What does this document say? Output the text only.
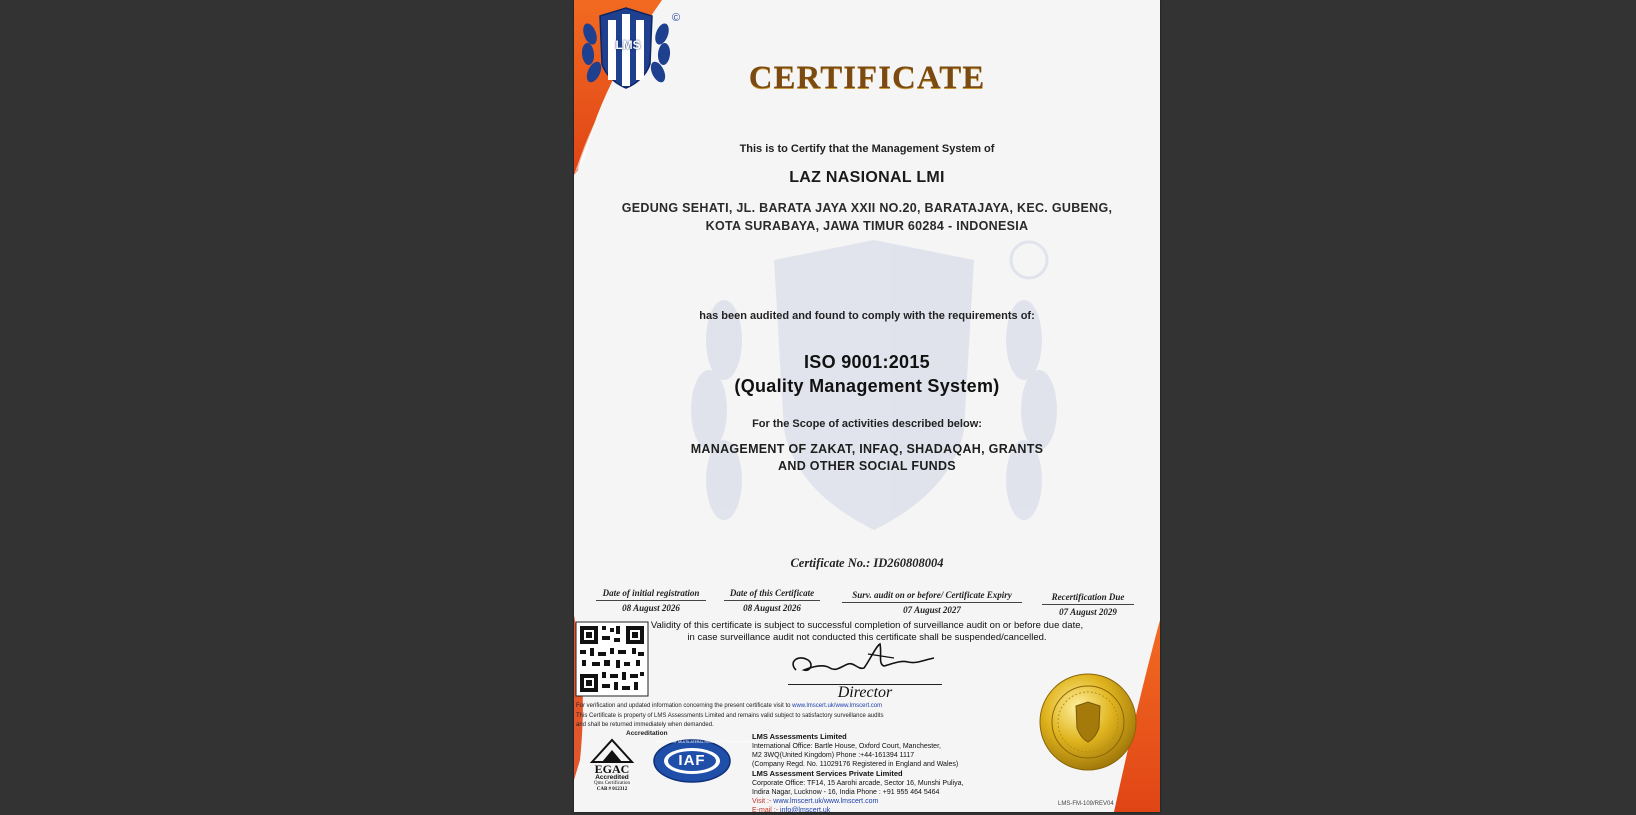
LMS
©
CERTIFICATE
This is to Certify that the Management System of
LAZ NASIONAL LMI
GEDUNG SEHATI, JL. BARATA JAYA XXII NO.20, BARATAJAYA, KEC. GUBENG,
KOTA SURABAYA, JAWA TIMUR 60284 - INDONESIA
has been audited and found to comply with the requirements of:
ISO 9001:2015
(Quality Management System)
For the Scope of activities described below:
MANAGEMENT OF ZAKAT, INFAQ, SHADAQAH, GRANTS
AND OTHER SOCIAL FUNDS
Certificate No.: ID260808004
Date of initial registration
08 August 2026
Date of this Certificate
08 August 2026
Surv. audit on or before/ Certificate Expiry
07 August 2027
Recertification Due
07 August 2029
Validity of this certificate is subject to successful completion of surveillance audit on or before due date,
in case surveillance audit not conducted this certificate shall be suspended/cancelled.
Director
For verification and updated information concerning the present certificate visit to www.lmscert.uk/www.lmscert.com
This Certificate is property of LMS Assessments Limited and remains valid subject to satisfactory surveillance audits
and shall be returned immediately when demanded.
Accreditation
EGAC
Accredited
Qms Certification
CAB # 012312
IAF
MEMBER OF MULTILATERAL RECOGNITION ARRANGEMENT
LMS Assessments Limited
International Office: Bartle House, Oxford Court, Manchester,
M2 3WQ(United Kingdom) Phone :+44-161394 1117
(Company Regd. No. 11029176 Registered in England and Wales)
LMS Assessment Services Private Limited
Corporate Office: TF14, 15 Aarohi arcade, Sector 16, Munshi Puliya,
Indira Nagar, Lucknow - 16, India Phone : +91 955 464 5464
Visit :- www.lmscert.uk/www.lmscert.com
E-mail :- info@lmscert.uk
LMS-FM-109/REV04
